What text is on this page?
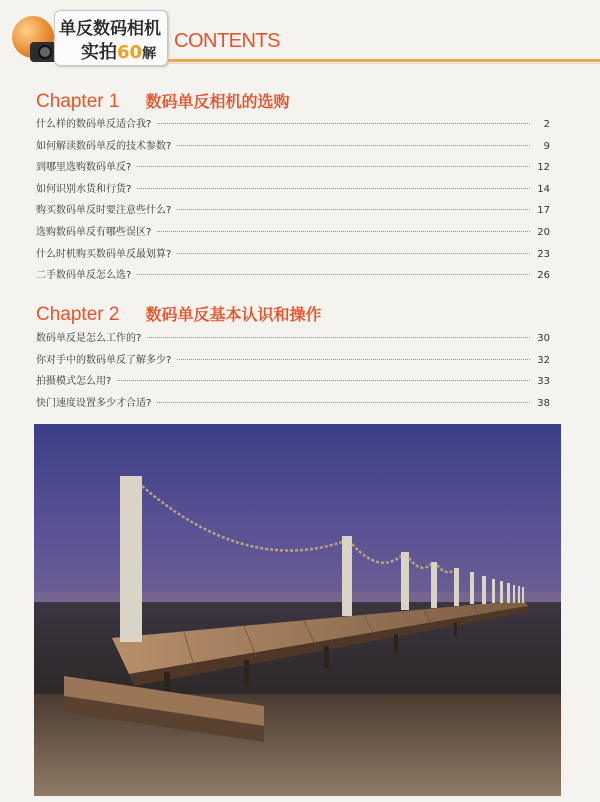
单反数码相机
实拍60解
CONTENTS
Chapter 1 数码单反相机的选购
什么样的数码单反适合我?	2
如何解读数码单反的技术参数?	9
到哪里选购数码单反?	12
如何识别水货和行货?	14
购买数码单反时要注意些什么?	17
选购数码单反有哪些误区?	20
什么时机购买数码单反最划算?	23
二手数码单反怎么选?	26
Chapter 2 数码单反基本认识和操作
数码单反是怎么工作的?	30
你对手中的数码单反了解多少?	32
拍摄模式怎么用?	33
快门速度设置多少才合适?	38
